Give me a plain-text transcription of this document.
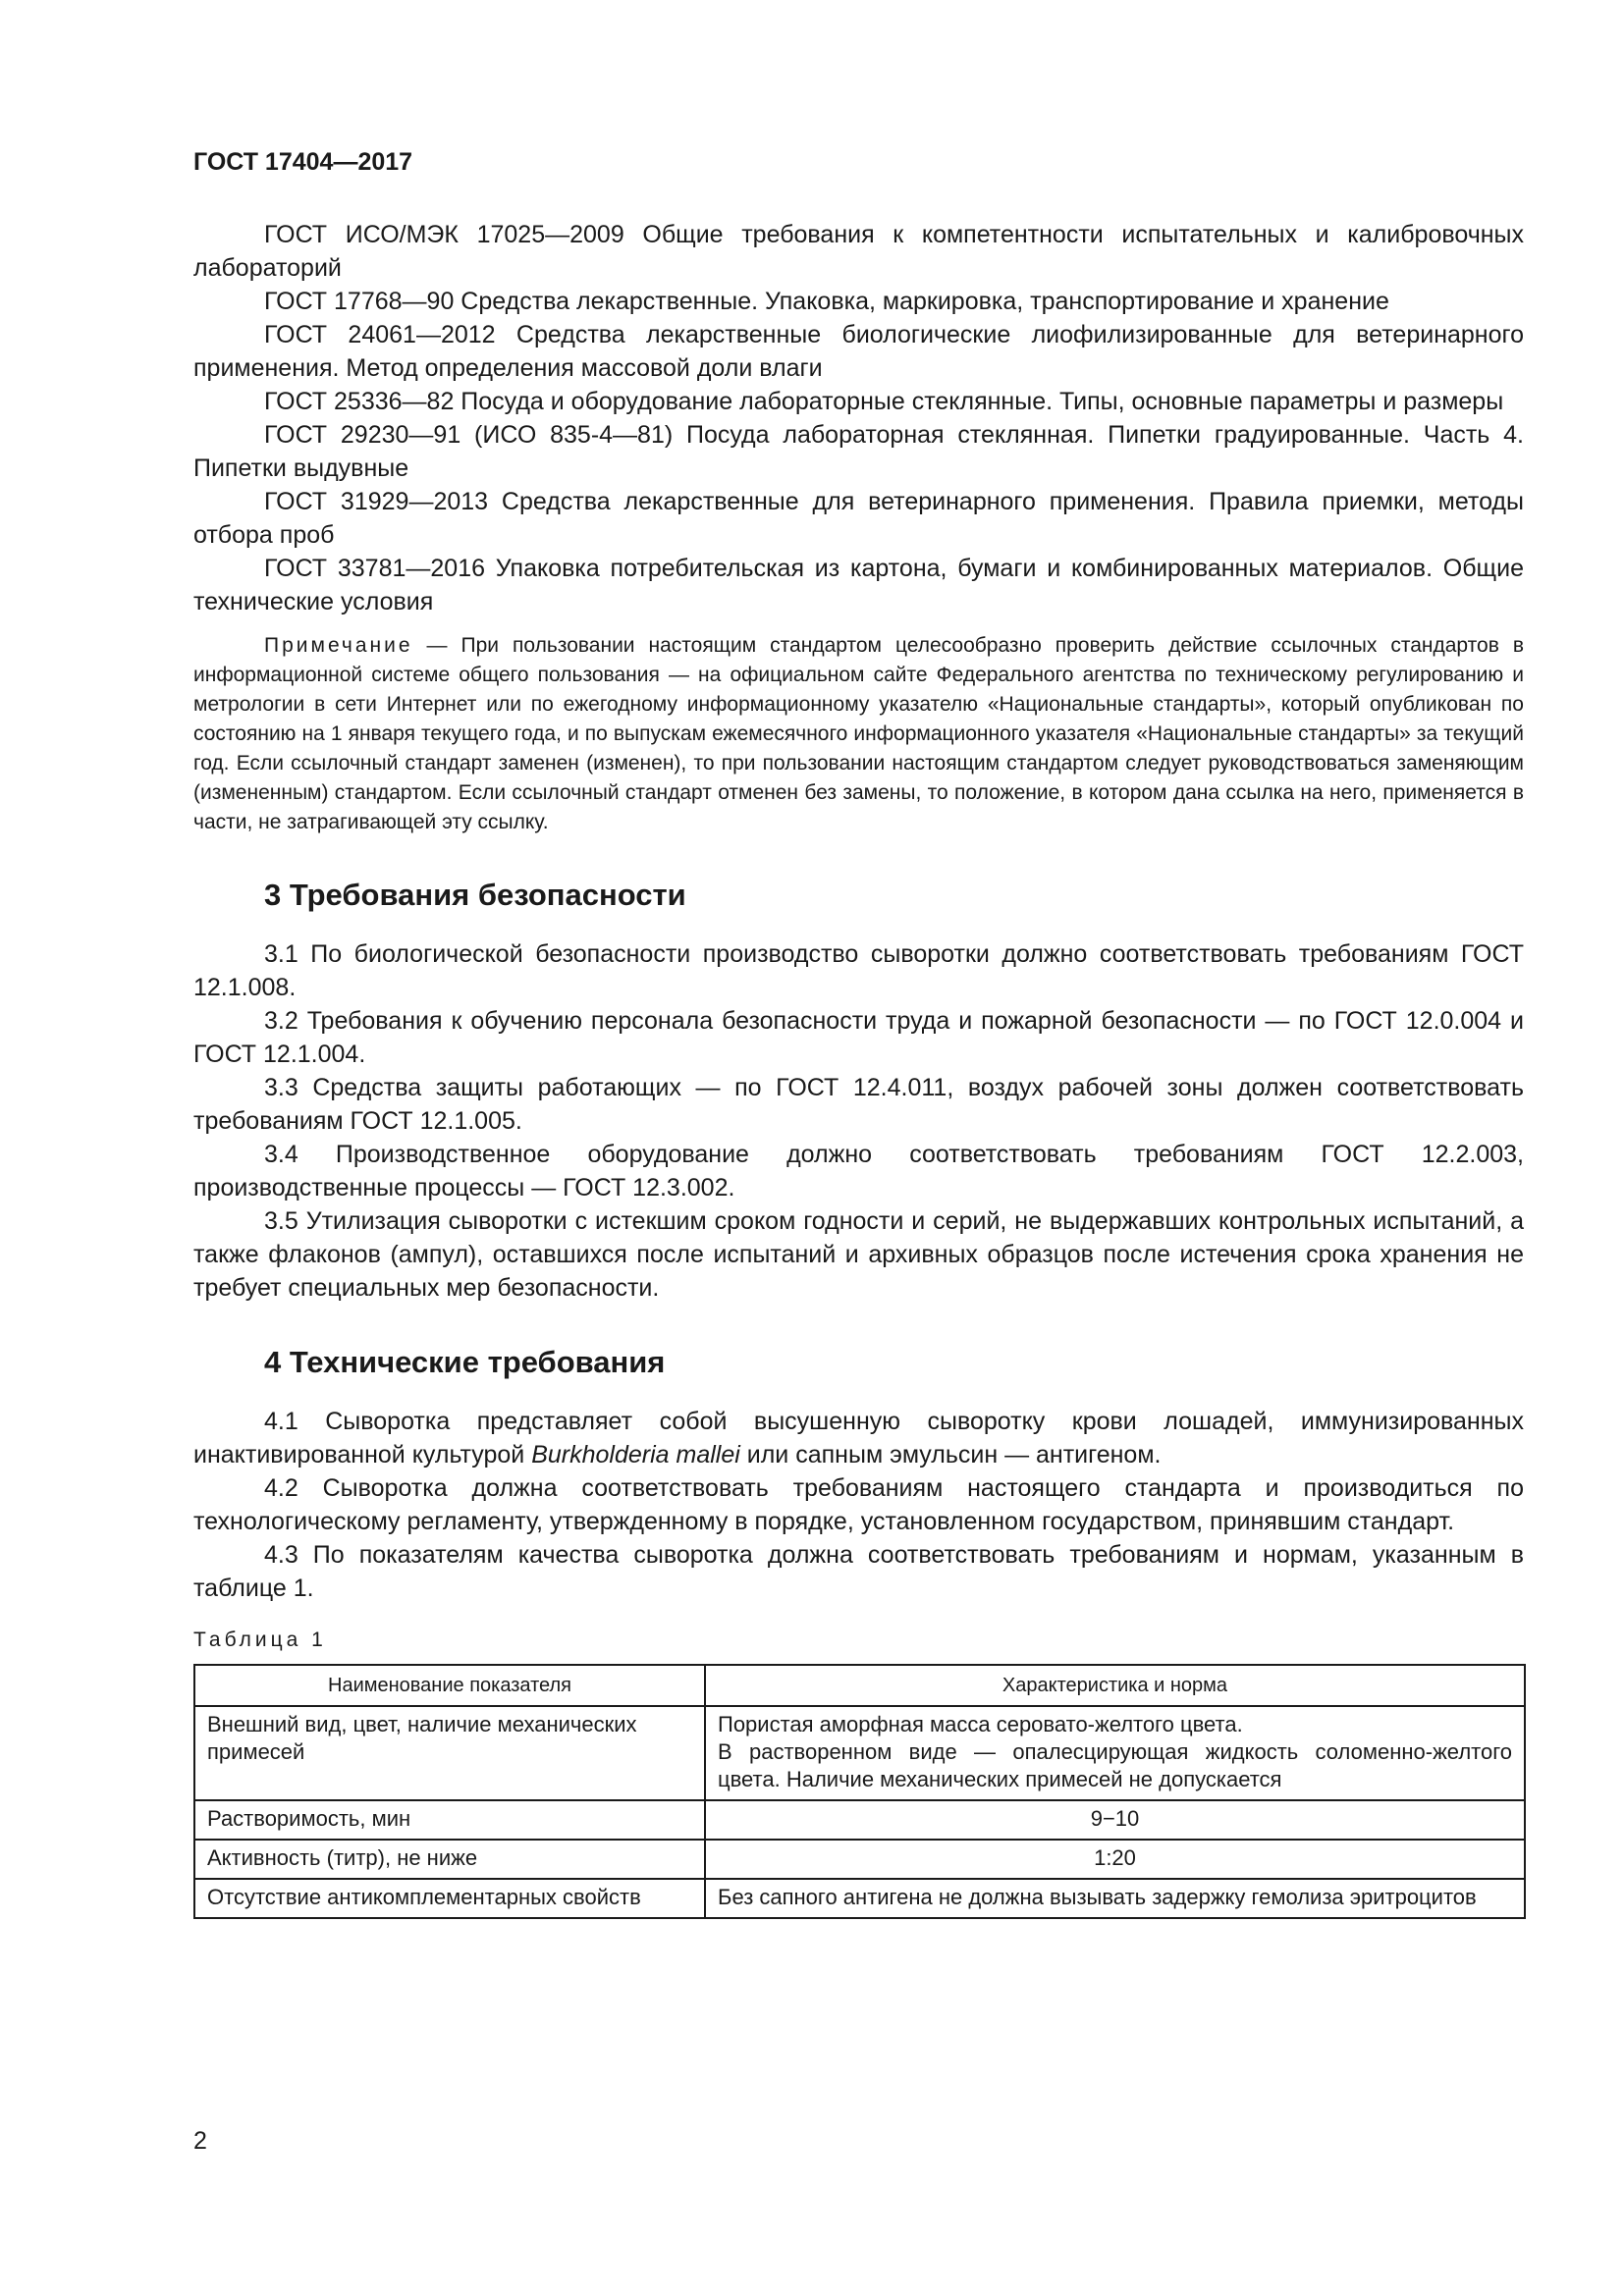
ГОСТ 17404—2017

ГОСТ ИСО/МЭК 17025—2009 Общие требования к компетентности испытательных и калибровочных лабораторий

ГОСТ 17768—90 Средства лекарственные. Упаковка, маркировка, транспортирование и хранение

ГОСТ 24061—2012 Средства лекарственные биологические лиофилизированные для ветеринарного применения. Метод определения массовой доли влаги

ГОСТ 25336—82 Посуда и оборудование лабораторные стеклянные. Типы, основные параметры и размеры

ГОСТ 29230—91 (ИСО 835-4—81) Посуда лабораторная стеклянная. Пипетки градуированные. Часть 4. Пипетки выдувные

ГОСТ 31929—2013 Средства лекарственные для ветеринарного применения. Правила приемки, методы отбора проб

ГОСТ 33781—2016 Упаковка потребительская из картона, бумаги и комбинированных материалов. Общие технические условия

Примечание — При пользовании настоящим стандартом целесообразно проверить действие ссылочных стандартов в информационной системе общего пользования — на официальном сайте Федерального агентства по техническому регулированию и метрологии в сети Интернет или по ежегодному информационному указателю «Национальные стандарты», который опубликован по состоянию на 1 января текущего года, и по выпускам ежемесячного информационного указателя «Национальные стандарты» за текущий год. Если ссылочный стандарт заменен (изменен), то при пользовании настоящим стандартом следует руководствоваться заменяющим (измененным) стандартом. Если ссылочный стандарт отменен без замены, то положение, в котором дана ссылка на него, применяется в части, не затрагивающей эту ссылку.

3 Требования безопасности

3.1 По биологической безопасности производство сыворотки должно соответствовать требованиям ГОСТ 12.1.008.

3.2 Требования к обучению персонала безопасности труда и пожарной безопасности — по ГОСТ 12.0.004 и ГОСТ 12.1.004.

3.3 Средства защиты работающих — по ГОСТ 12.4.011, воздух рабочей зоны должен соответствовать требованиям ГОСТ 12.1.005.

3.4 Производственное оборудование должно соответствовать требованиям ГОСТ 12.2.003, производственные процессы — ГОСТ 12.3.002.

3.5 Утилизация сыворотки с истекшим сроком годности и серий, не выдержавших контрольных испытаний, а также флаконов (ампул), оставшихся после испытаний и архивных образцов после истечения срока хранения не требует специальных мер безопасности.

4 Технические требования

4.1 Сыворотка представляет собой высушенную сыворотку крови лошадей, иммунизированных инактивированной культурой Burkholderia mallei или сапным эмульсин — антигеном.

4.2 Сыворотка должна соответствовать требованиям настоящего стандарта и производиться по технологическому регламенту, утвержденному в порядке, установленном государством, принявшим стандарт.

4.3 По показателям качества сыворотка должна соответствовать требованиям и нормам, указанным в таблице 1.

Таблица 1
Наименование показателя	Характеристика и норма
Внешний вид, цвет, наличие механических примесей	Пористая аморфная масса серовато-желтого цвета.
В растворенном виде — опалесцирующая жидкость соломенно-желтого цвета. Наличие механических примесей не допускается

Растворимость, мин	9−10
Активность (титр), не ниже	1:20
Отсутствие антикомплементарных свойств	Без сапного антигена не должна вызывать задержку гемолиза эритроцитов
2
